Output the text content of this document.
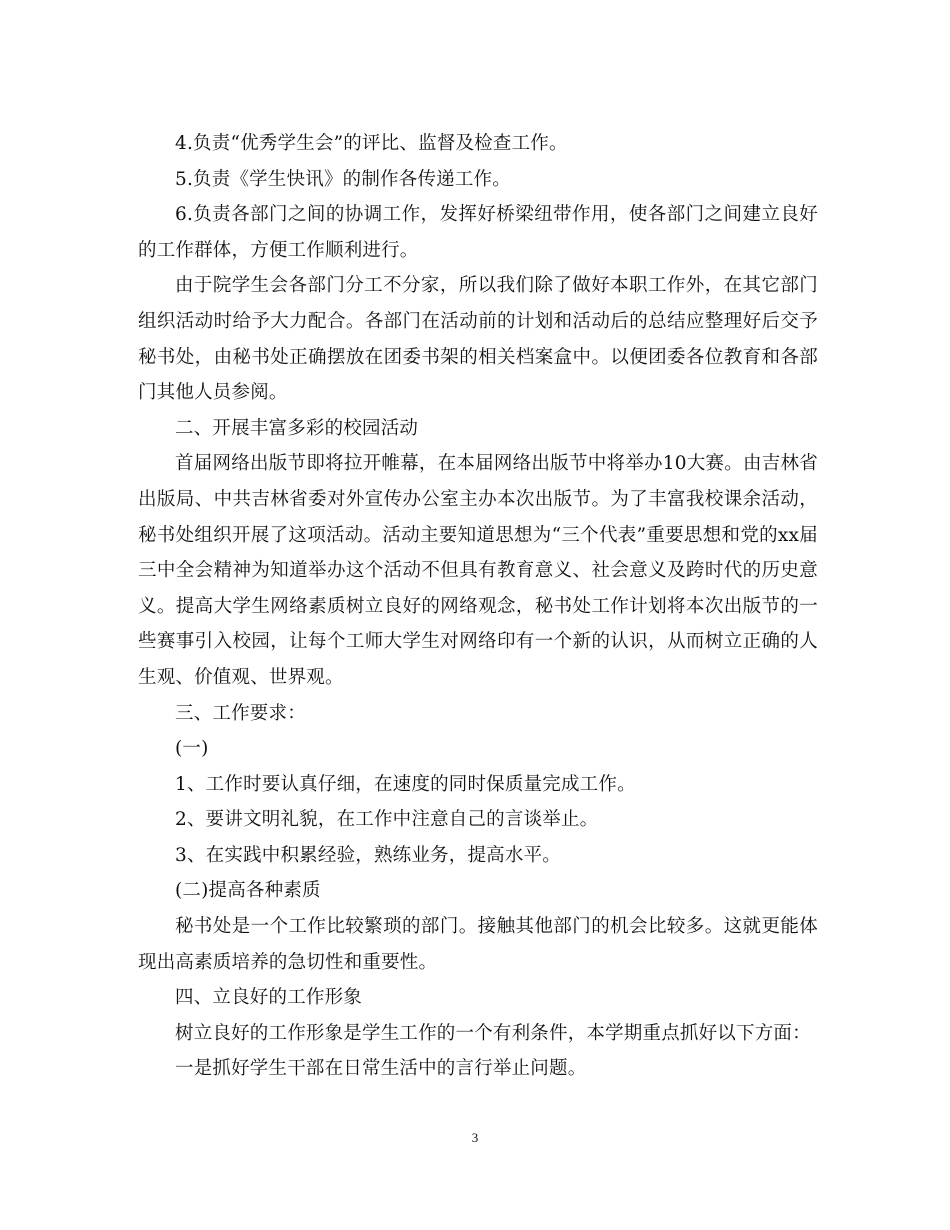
4.负责“优秀学生会”的评比、监督及检查工作。

5.负责《学生快讯》的制作各传递工作。

6.负责各部门之间的协调工作，发挥好桥梁纽带作用，使各部门之间建立良好的工作群体，方便工作顺利进行。

由于院学生会各部门分工不分家，所以我们除了做好本职工作外，在其它部门组织活动时给予大力配合。各部门在活动前的计划和活动后的总结应整理好后交予秘书处，由秘书处正确摆放在团委书架的相关档案盒中。以便团委各位教育和各部门其他人员参阅。

二、开展丰富多彩的校园活动

首届网络出版节即将拉开帷幕，在本届网络出版节中将举办10大赛。由吉林省出版局、中共吉林省委对外宣传办公室主办本次出版节。为了丰富我校课余活动，秘书处组织开展了这项活动。活动主要知道思想为“三个代表”重要思想和党的xx届三中全会精神为知道举办这个活动不但具有教育意义、社会意义及跨时代的历史意义。提高大学生网络素质树立良好的网络观念，秘书处工作计划将本次出版节的一些赛事引入校园，让每个工师大学生对网络印有一个新的认识，从而树立正确的人生观、价值观、世界观。

三、工作要求：

(一)

1、工作时要认真仔细，在速度的同时保质量完成工作。

2、要讲文明礼貌，在工作中注意自己的言谈举止。

3、在实践中积累经验，熟练业务，提高水平。

(二)提高各种素质

秘书处是一个工作比较繁琐的部门。接触其他部门的机会比较多。这就更能体现出高素质培养的急切性和重要性。

四、立良好的工作形象

树立良好的工作形象是学生工作的一个有利条件，本学期重点抓好以下方面：

一是抓好学生干部在日常生活中的言行举止问题。

3
